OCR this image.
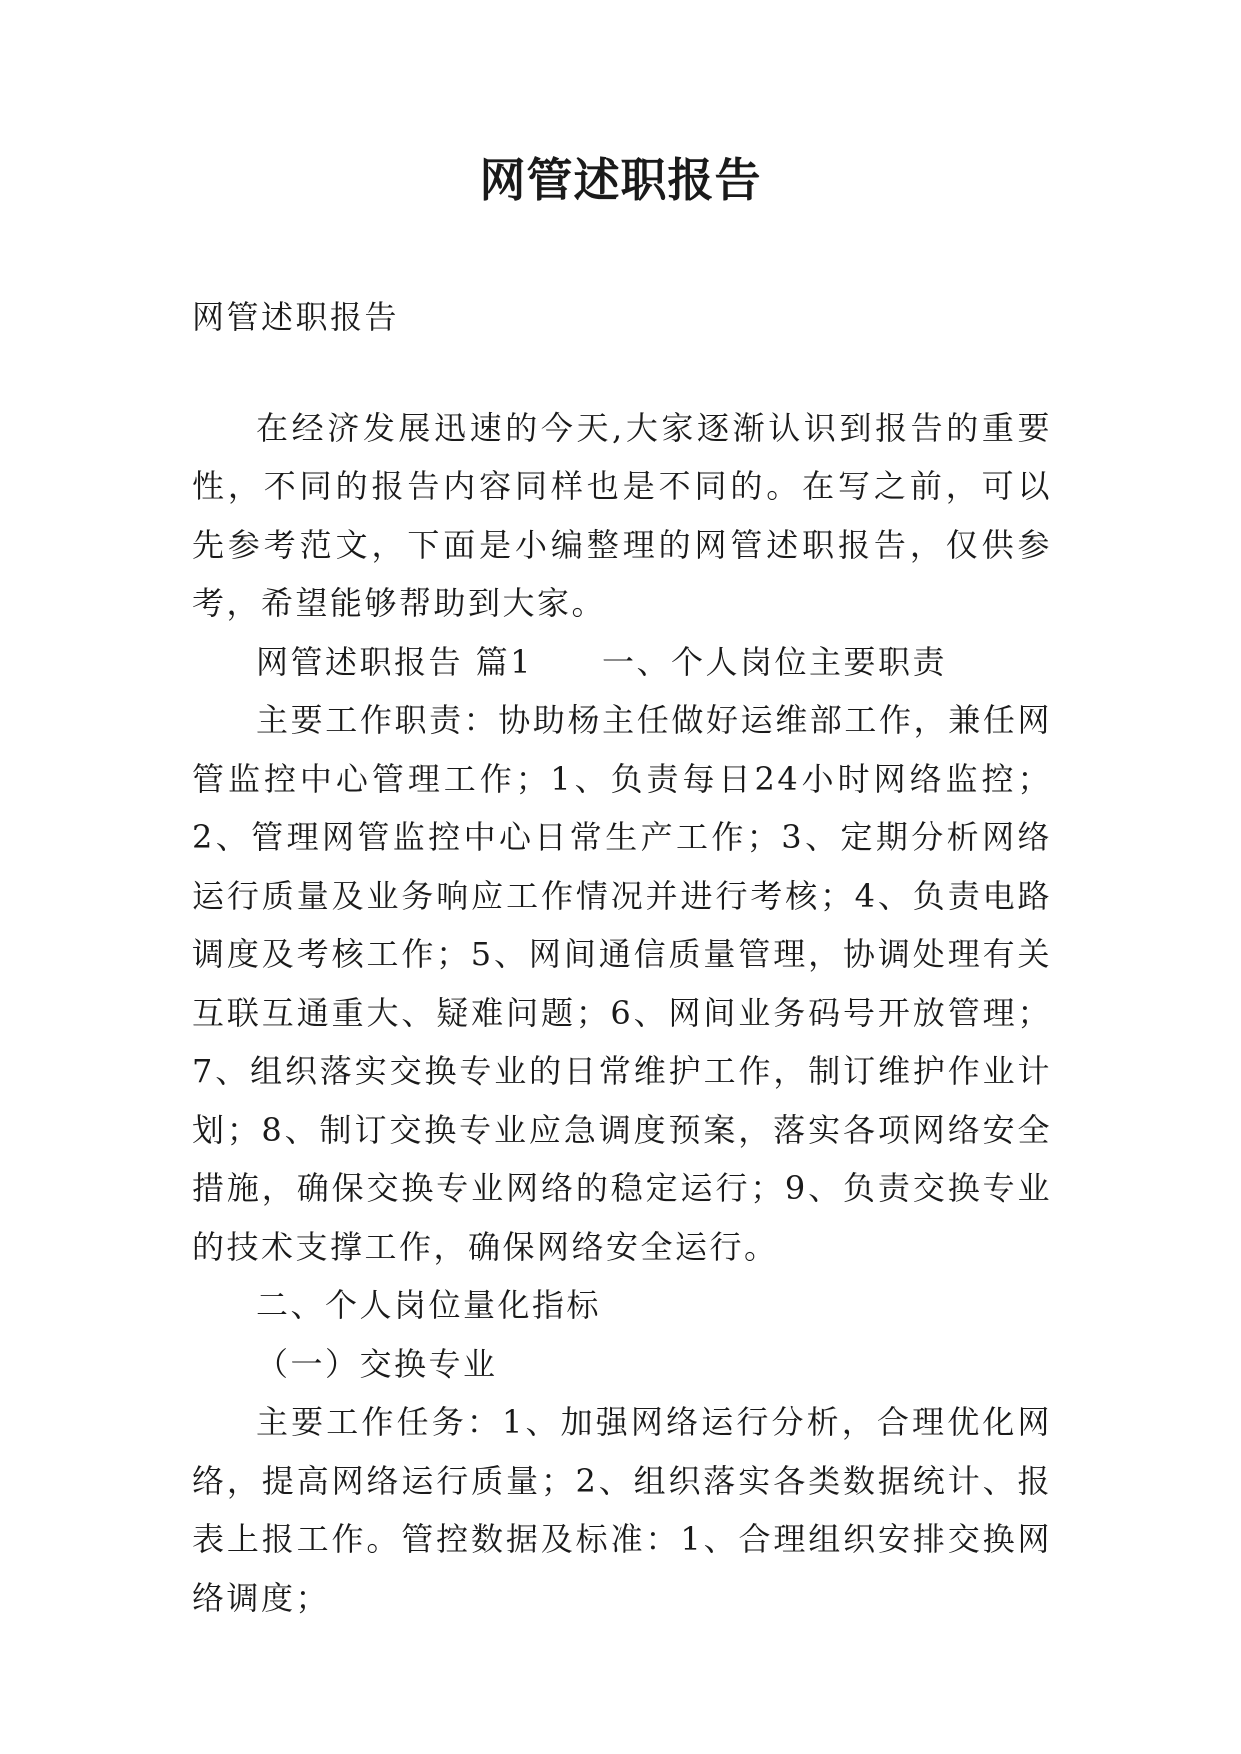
网管述职报告

网管述职报告

在经济发展迅速的今天,大家逐渐认识到报告的重要性，不同的报告内容同样也是不同的。在写之前，可以先参考范文，下面是小编整理的网管述职报告，仅供参考，希望能够帮助到大家。

网管述职报告 篇1　　一、个人岗位主要职责

主要工作职责：协助杨主任做好运维部工作，兼任网管监控中心管理工作；1、负责每日24小时网络监控；2、管理网管监控中心日常生产工作；3、定期分析网络运行质量及业务响应工作情况并进行考核；4、负责电路调度及考核工作；5、网间通信质量管理，协调处理有关互联互通重大、疑难问题；6、网间业务码号开放管理；7、组织落实交换专业的日常维护工作，制订维护作业计划；8、制订交换专业应急调度预案，落实各项网络安全措施，确保交换专业网络的稳定运行；9、负责交换专业的技术支撑工作，确保网络安全运行。

二、个人岗位量化指标

（一）交换专业

主要工作任务：1、加强网络运行分析，合理优化网络，提高网络运行质量；2、组织落实各类数据统计、报表上报工作。管控数据及标准：1、合理组织安排交换网络调度；
